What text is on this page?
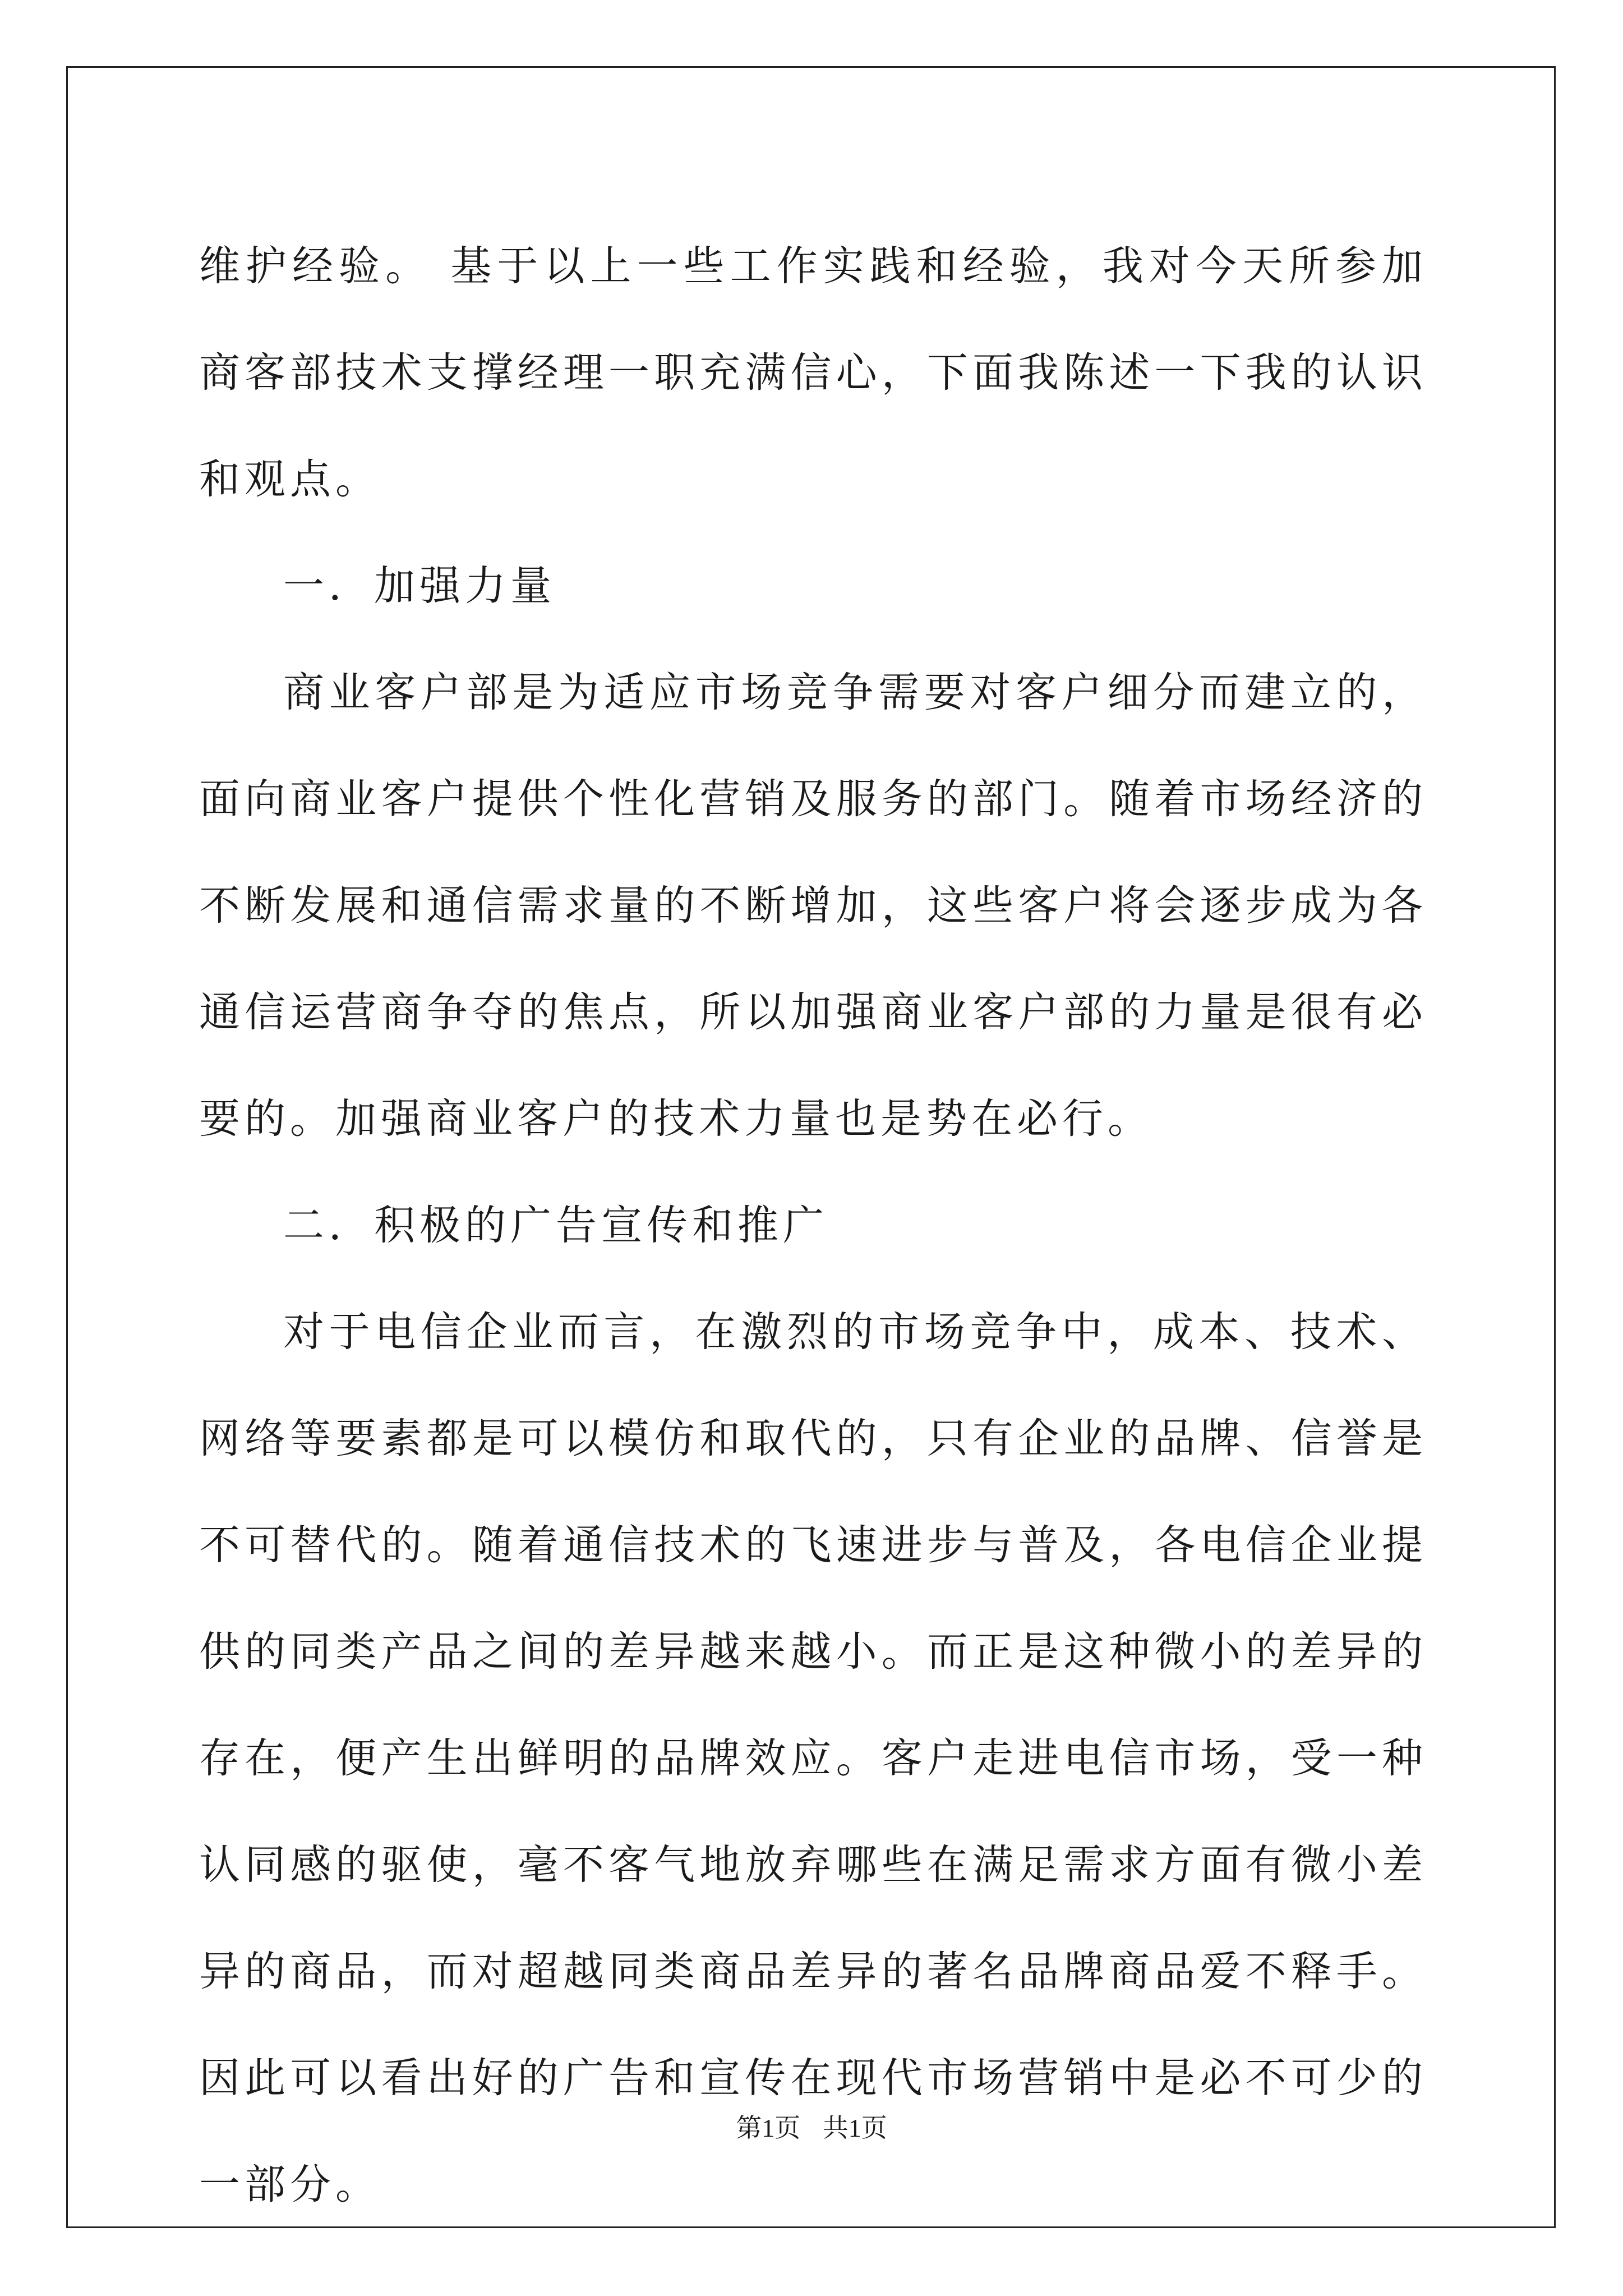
维护经验。 基于以上一些工作实践和经验，我对今天所参加商客部技术支撑经理一职充满信心，下面我陈述一下我的认识和观点。

一．加强力量

商业客户部是为适应市场竞争需要对客户细分而建立的，面向商业客户提供个性化营销及服务的部门。随着市场经济的不断发展和通信需求量的不断增加，这些客户将会逐步成为各通信运营商争夺的焦点，所以加强商业客户部的力量是很有必要的。加强商业客户的技术力量也是势在必行。

二．积极的广告宣传和推广

对于电信企业而言，在激烈的市场竞争中，成本、技术、网络等要素都是可以模仿和取代的，只有企业的品牌、信誉是不可替代的。随着通信技术的飞速进步与普及，各电信企业提供的同类产品之间的差异越来越小。而正是这种微小的差异的存在，便产生出鲜明的品牌效应。客户走进电信市场，受一种认同感的驱使，毫不客气地放弃哪些在满足需求方面有微小差异的商品，而对超越同类商品差异的著名品牌商品爱不释手。因此可以看出好的广告和宣传在现代市场营销中是必不可少的一部分。

第1页 共1页
